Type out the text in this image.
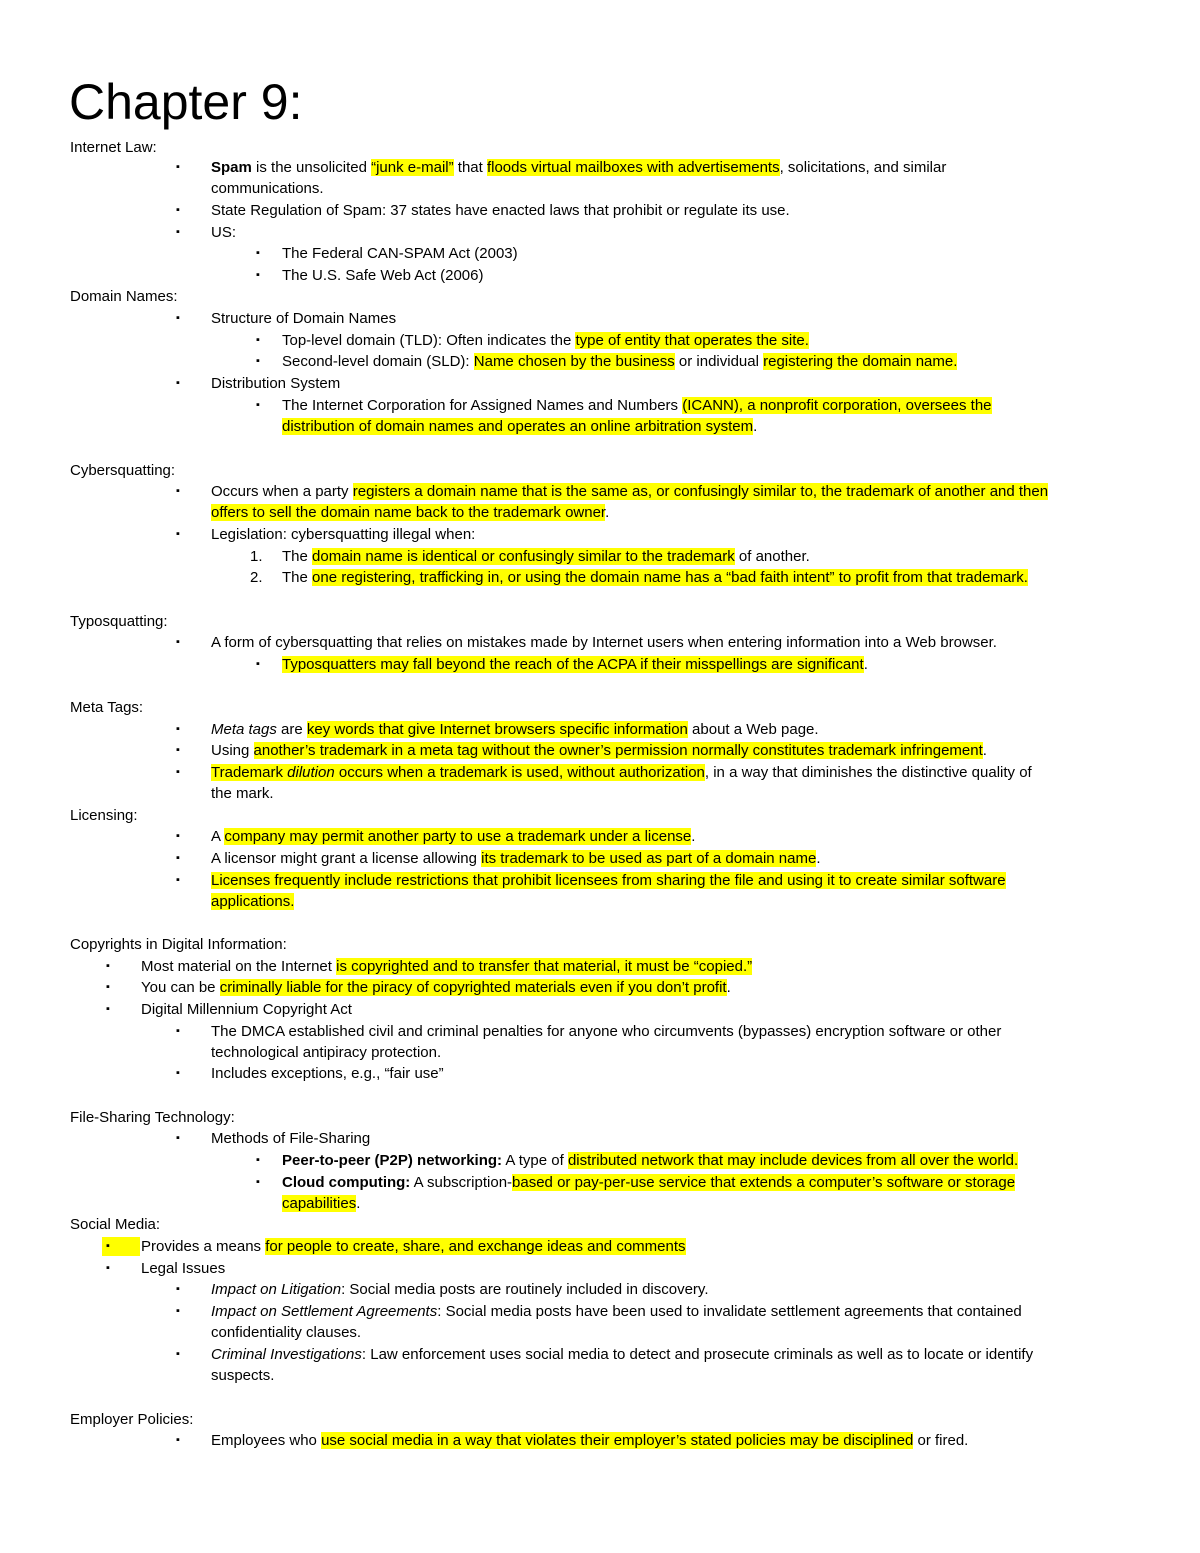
Chapter 9:
Internet Law:
▪ Spam is the unsolicited “junk e-mail” that floods virtual mailboxes with advertisements, solicitations, and similar
communications.
▪ State Regulation of Spam: 37 states have enacted laws that prohibit or regulate its use.
▪ US:
▪ The Federal CAN-SPAM Act (2003)
▪ The U.S. Safe Web Act (2006)
Domain Names:
▪ Structure of Domain Names
▪ Top-level domain (TLD): Often indicates the type of entity that operates the site.
▪ Second-level domain (SLD): Name chosen by the business or individual registering the domain name.
▪ Distribution System
▪ The Internet Corporation for Assigned Names and Numbers (ICANN), a nonprofit corporation, oversees the
distribution of domain names and operates an online arbitration system.
Cybersquatting:
▪ Occurs when a party registers a domain name that is the same as, or confusingly similar to, the trademark of another and then
offers to sell the domain name back to the trademark owner.
▪ Legislation: cybersquatting illegal when:
1. The domain name is identical or confusingly similar to the trademark of another.
2. The one registering, trafficking in, or using the domain name has a “bad faith intent” to profit from that trademark.
Typosquatting:
▪ A form of cybersquatting that relies on mistakes made by Internet users when entering information into a Web browser.
▪ Typosquatters may fall beyond the reach of the ACPA if their misspellings are significant.
Meta Tags:
▪ Meta tags are key words that give Internet browsers specific information about a Web page.
▪ Using another’s trademark in a meta tag without the owner’s permission normally constitutes trademark infringement.
▪ Trademark dilution occurs when a trademark is used, without authorization, in a way that diminishes the distinctive quality of
the mark.
Licensing:
▪ A company may permit another party to use a trademark under a license.
▪ A licensor might grant a license allowing its trademark to be used as part of a domain name.
▪ Licenses frequently include restrictions that prohibit licensees from sharing the file and using it to create similar software
applications.
Copyrights in Digital Information:
▪ Most material on the Internet is copyrighted and to transfer that material, it must be “copied.”
▪ You can be criminally liable for the piracy of copyrighted materials even if you don’t profit.
▪ Digital Millennium Copyright Act
▪ The DMCA established civil and criminal penalties for anyone who circumvents (bypasses) encryption software or other
technological antipiracy protection.
▪ Includes exceptions, e.g., “fair use”
File-Sharing Technology:
▪ Methods of File-Sharing
▪ Peer-to-peer (P2P) networking: A type of distributed network that may include devices from all over the world.
▪ Cloud computing: A subscription-based or pay-per-use service that extends a computer’s software or storage
capabilities.
Social Media:
▪ Provides a means for people to create, share, and exchange ideas and comments
▪ Legal Issues
▪ Impact on Litigation: Social media posts are routinely included in discovery.
▪ Impact on Settlement Agreements: Social media posts have been used to invalidate settlement agreements that contained
confidentiality clauses.
▪ Criminal Investigations: Law enforcement uses social media to detect and prosecute criminals as well as to locate or identify
suspects.
Employer Policies:
▪ Employees who use social media in a way that violates their employer’s stated policies may be disciplined or fired.
